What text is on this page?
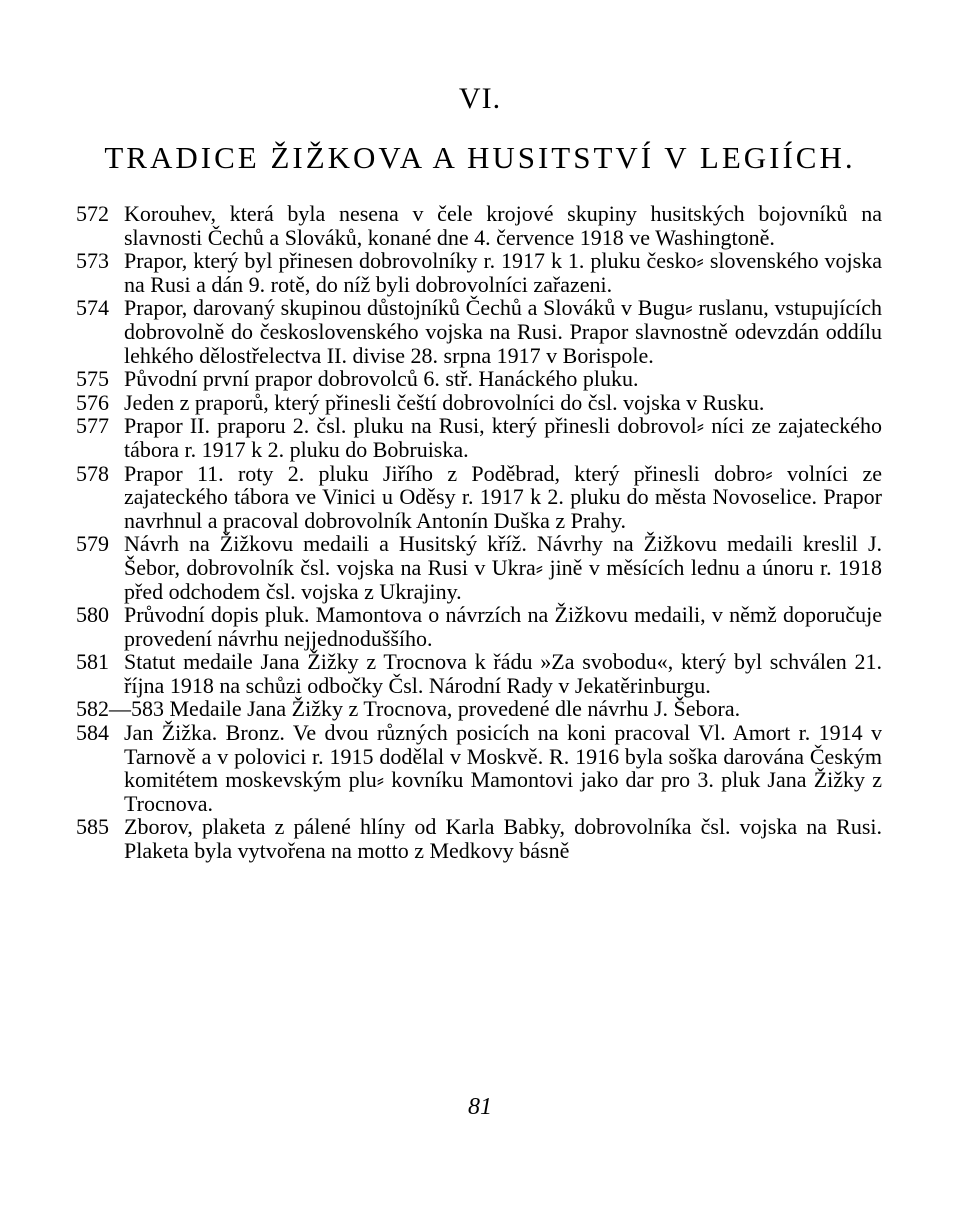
VI.
TRADICE ŽIŽKOVA A HUSITSTVÍ V LEGIÍCH.
572 Korouhev, která byla nesena v čele krojové skupiny husitských bojovníků na slavnosti Čechů a Slováků, konané dne 4. července 1918 ve Washingtoně.
573 Prapor, který byl přinesen dobrovolníky r. 1917 k 1. pluku česko⸗ slovenského vojska na Rusi a dán 9. rotě, do níž byli dobrovolníci zařazeni.
574 Prapor, darovaný skupinou důstojníků Čechů a Slováků v Bugu⸗ ruslanu, vstupujících dobrovolně do československého vojska na Rusi. Prapor slavnostně odevzdán oddílu lehkého dělostřelectva II. divise 28. srpna 1917 v Borispole.
575 Původní první prapor dobrovolců 6. stř. Hanáckého pluku.
576 Jeden z praporů, který přinesli čeští dobrovolníci do čsl. vojska v Rusku.
577 Prapor II. praporu 2. čsl. pluku na Rusi, který přinesli dobrovol⸗ níci ze zajateckého tábora r. 1917 k 2. pluku do Bobruiska.
578 Prapor 11. roty 2. pluku Jiřího z Poděbrad, který přinesli dobro⸗ volníci ze zajateckého tábora ve Vinici u Oděsy r. 1917 k 2. pluku do města Novoselice. Prapor navrhnul a pracoval dobrovolník Antonín Duška z Prahy.
579 Návrh na Žižkovu medaili a Husitský kříž. Návrhy na Žižkovu medaili kreslil J. Šebor, dobrovolník čsl. vojska na Rusi v Ukra⸗ jině v měsících lednu a únoru r. 1918 před odchodem čsl. vojska z Ukrajiny.
580 Průvodní dopis pluk. Mamontova o návrzích na Žižkovu medaili, v němž doporučuje provedení návrhu nejjednoduššího.
581 Statut medaile Jana Žižky z Trocnova k řádu »Za svobodu«, který byl schválen 21. října 1918 na schůzi odbočky Čsl. Národní Rady v Jekatěrinburgu.
582—583 Medaile Jana Žižky z Trocnova, provedené dle návrhu J. Šebora.
584 Jan Žižka. Bronz. Ve dvou různých posicích na koni pracoval Vl. Amort r. 1914 v Tarnově a v polovici r. 1915 dodělal v Moskvě. R. 1916 byla soška darována Českým komitétem moskevským plu⸗ kovníku Mamontovi jako dar pro 3. pluk Jana Žižky z Trocnova.
585 Zborov, plaketa z pálené hlíny od Karla Babky, dobrovolníka čsl. vojska na Rusi. Plaketa byla vytvořena na motto z Medkovy básně
81
